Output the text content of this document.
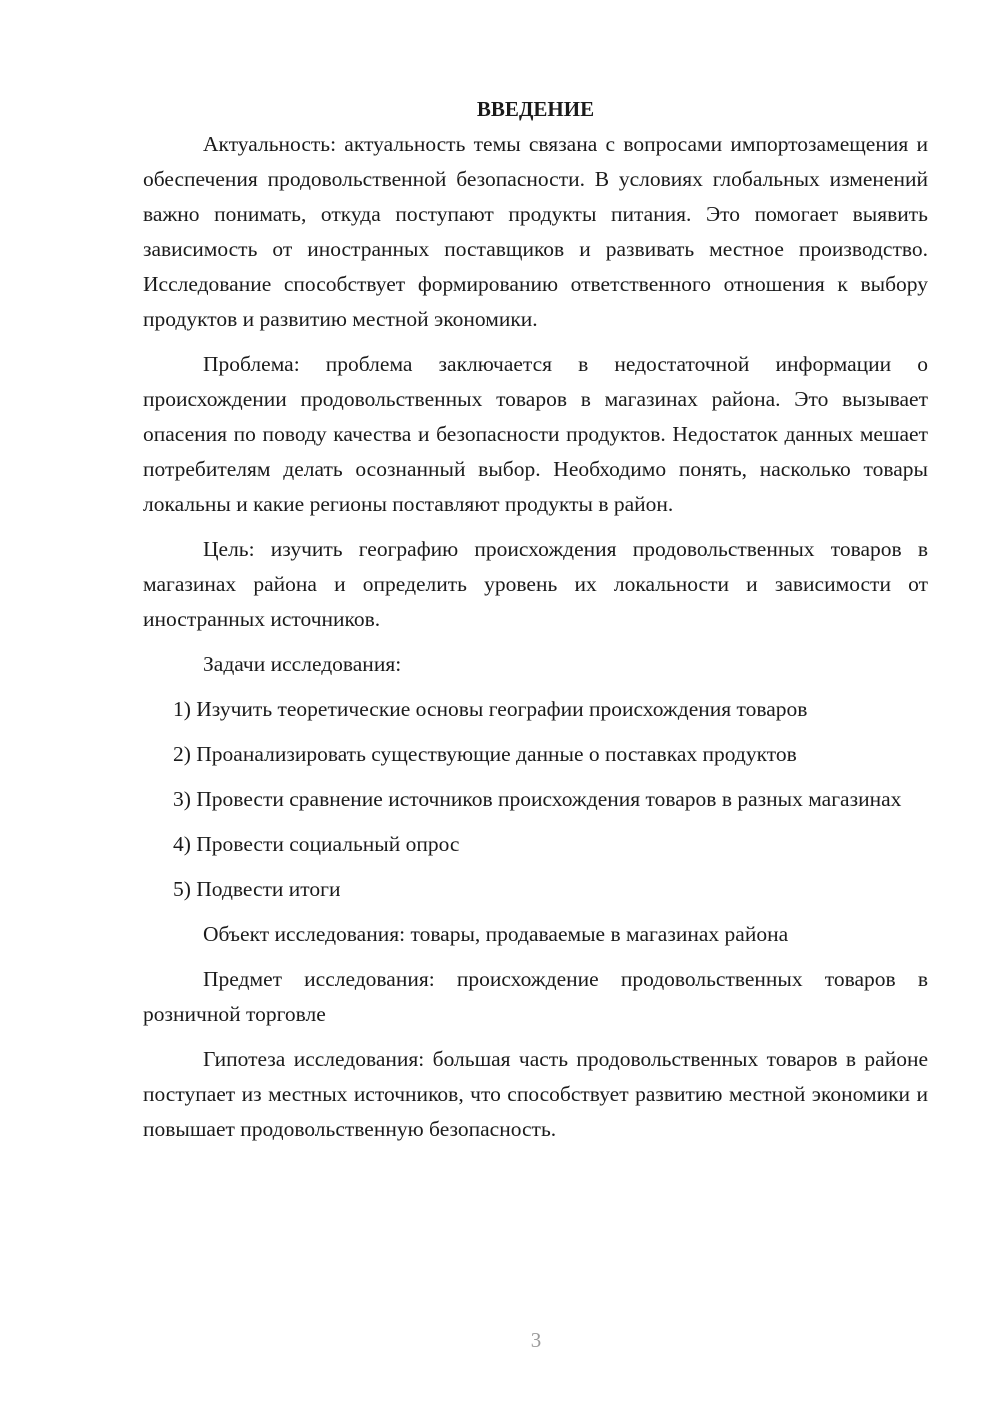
ВВЕДЕНИЕ

Актуальность: актуальность темы связана с вопросами импортозамещения и обеспечения продовольственной безопасности. В условиях глобальных изменений важно понимать, откуда поступают продукты питания. Это помогает выявить зависимость от иностранных поставщиков и развивать местное производство. Исследование способствует формированию ответственного отношения к выбору продуктов и развитию местной экономики.

Проблема: проблема заключается в недостаточной информации о происхождении продовольственных товаров в магазинах района. Это вызывает опасения по поводу качества и безопасности продуктов. Недостаток данных мешает потребителям делать осознанный выбор. Необходимо понять, насколько товары локальны и какие регионы поставляют продукты в район.

Цель: изучить географию происхождения продовольственных товаров в магазинах района и определить уровень их локальности и зависимости от иностранных источников.

Задачи исследования:

1) Изучить теоретические основы географии происхождения товаров

2) Проанализировать существующие данные о поставках продуктов

3) Провести сравнение источников происхождения товаров в разных магазинах

4) Провести социальный опрос

5) Подвести итоги

Объект исследования: товары, продаваемые в магазинах района

Предмет исследования: происхождение продовольственных товаров в розничной торговле

Гипотеза исследования: большая часть продовольственных товаров в районе поступает из местных источников, что способствует развитию местной экономики и повышает продовольственную безопасность.

3
